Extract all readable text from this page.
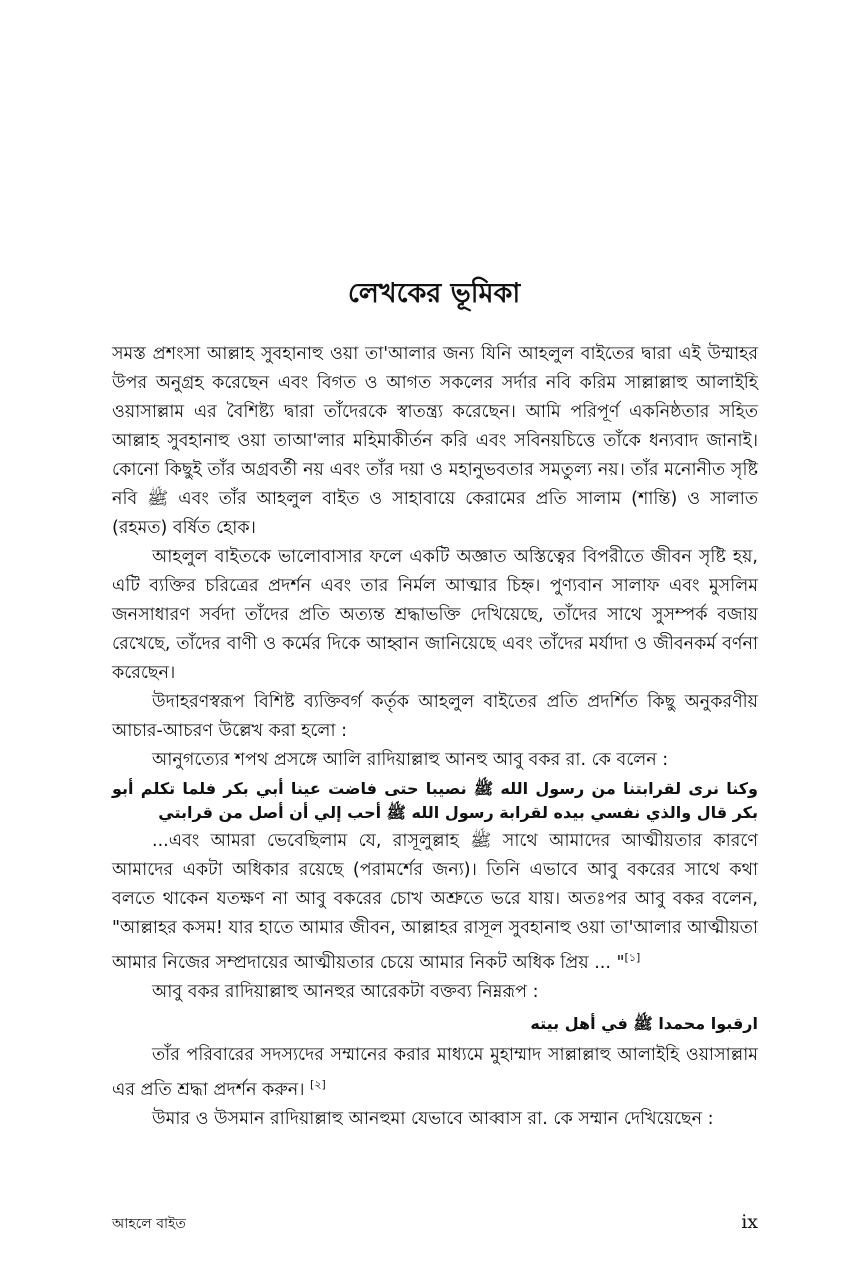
লেখকের ভূমিকা

সমস্ত প্রশংসা আল্লাহ সুবহানাহু ওয়া তা'আলার জন্য যিনি আহলুল বাইতের দ্বারা এই উম্মাহর উপর অনুগ্রহ করেছেন এবং বিগত ও আগত সকলের সর্দার নবি করিম সাল্লাল্লাহু আলাইহি ওয়াসাল্লাম এর বৈশিষ্ট্য দ্বারা তাঁদেরকে স্বাতন্ত্র্য করেছেন। আমি পরিপূর্ণ একনিষ্ঠতার সহিত আল্লাহ সুবহানাহু ওয়া তাআ'লার মহিমাকীর্তন করি এবং সবিনয়চিত্তে তাঁকে ধন্যবাদ জানাই। কোনো কিছুই তাঁর অগ্রবর্তী নয় এবং তাঁর দয়া ও মহানুভবতার সমতুল্য নয়। তাঁর মনোনীত সৃষ্টি নবি ﷺ এবং তাঁর আহলুল বাইত ও সাহাবায়ে কেরামের প্রতি সালাম (শান্তি) ও সালাত (রহমত) বর্ষিত হোক।

আহলুল বাইতকে ভালোবাসার ফলে একটি অজ্ঞাত অস্তিত্বের বিপরীতে জীবন সৃষ্টি হয়, এটি ব্যক্তির চরিত্রের প্রদর্শন এবং তার নির্মল আত্মার চিহ্ন। পুণ্যবান সালাফ এবং মুসলিম জনসাধারণ সর্বদা তাঁদের প্রতি অত্যন্ত শ্রদ্ধাভক্তি দেখিয়েছে, তাঁদের সাথে সুসম্পর্ক বজায় রেখেছে, তাঁদের বাণী ও কর্মের দিকে আহ্বান জানিয়েছে এবং তাঁদের মর্যাদা ও জীবনকর্ম বর্ণনা করেছেন।

উদাহরণস্বরূপ বিশিষ্ট ব্যক্তিবর্গ কর্তৃক আহলুল বাইতের প্রতি প্রদর্শিত কিছু অনুকরণীয় আচার-আচরণ উল্লেখ করা হলো :

আনুগত্যের শপথ প্রসঙ্গে আলি রাদিয়াল্লাহু আনহু আবু বকর রা. কে বলেন :

وكنا نرى لقرابتنا من رسول الله ﷺ نصيبا حتى فاضت عينا أبي بكر فلما تكلم أبو بكر قال والذي نفسي بيده لقرابة رسول الله ﷺ أحب إلي أن أصل من قرابتي

...এবং আমরা ভেবেছিলাম যে, রাসূলুল্লাহ ﷺ সাথে আমাদের আত্মীয়তার কারণে আমাদের একটা অধিকার রয়েছে (পরামর্শের জন্য)। তিনি এভাবে আবু বকরের সাথে কথা বলতে থাকেন যতক্ষণ না আবু বকরের চোখ অশ্রুতে ভরে যায়। অতঃপর আবু বকর বলেন, "আল্লাহর কসম! যার হাতে আমার জীবন, আল্লাহর রাসূল সুবহানাহু ওয়া তা'আলার আত্মীয়তা আমার নিজের সম্প্রদায়ের আত্মীয়তার চেয়ে আমার নিকট অধিক প্রিয় ... "[১]

আবু বকর রাদিয়াল্লাহু আনহুর আরেকটা বক্তব্য নিম্নরূপ :

ارقبوا محمدا ﷺ في أهل بيته

তাঁর পরিবারের সদস্যদের সম্মানের করার মাধ্যমে মুহাম্মাদ সাল্লাল্লাহু আলাইহি ওয়াসাল্লাম এর প্রতি শ্রদ্ধা প্রদর্শন করুন। [২]

উমার ও উসমান রাদিয়াল্লাহু আনহুমা যেভাবে আব্বাস রা. কে সম্মান দেখিয়েছেন :

আহলে বাইত	ix
